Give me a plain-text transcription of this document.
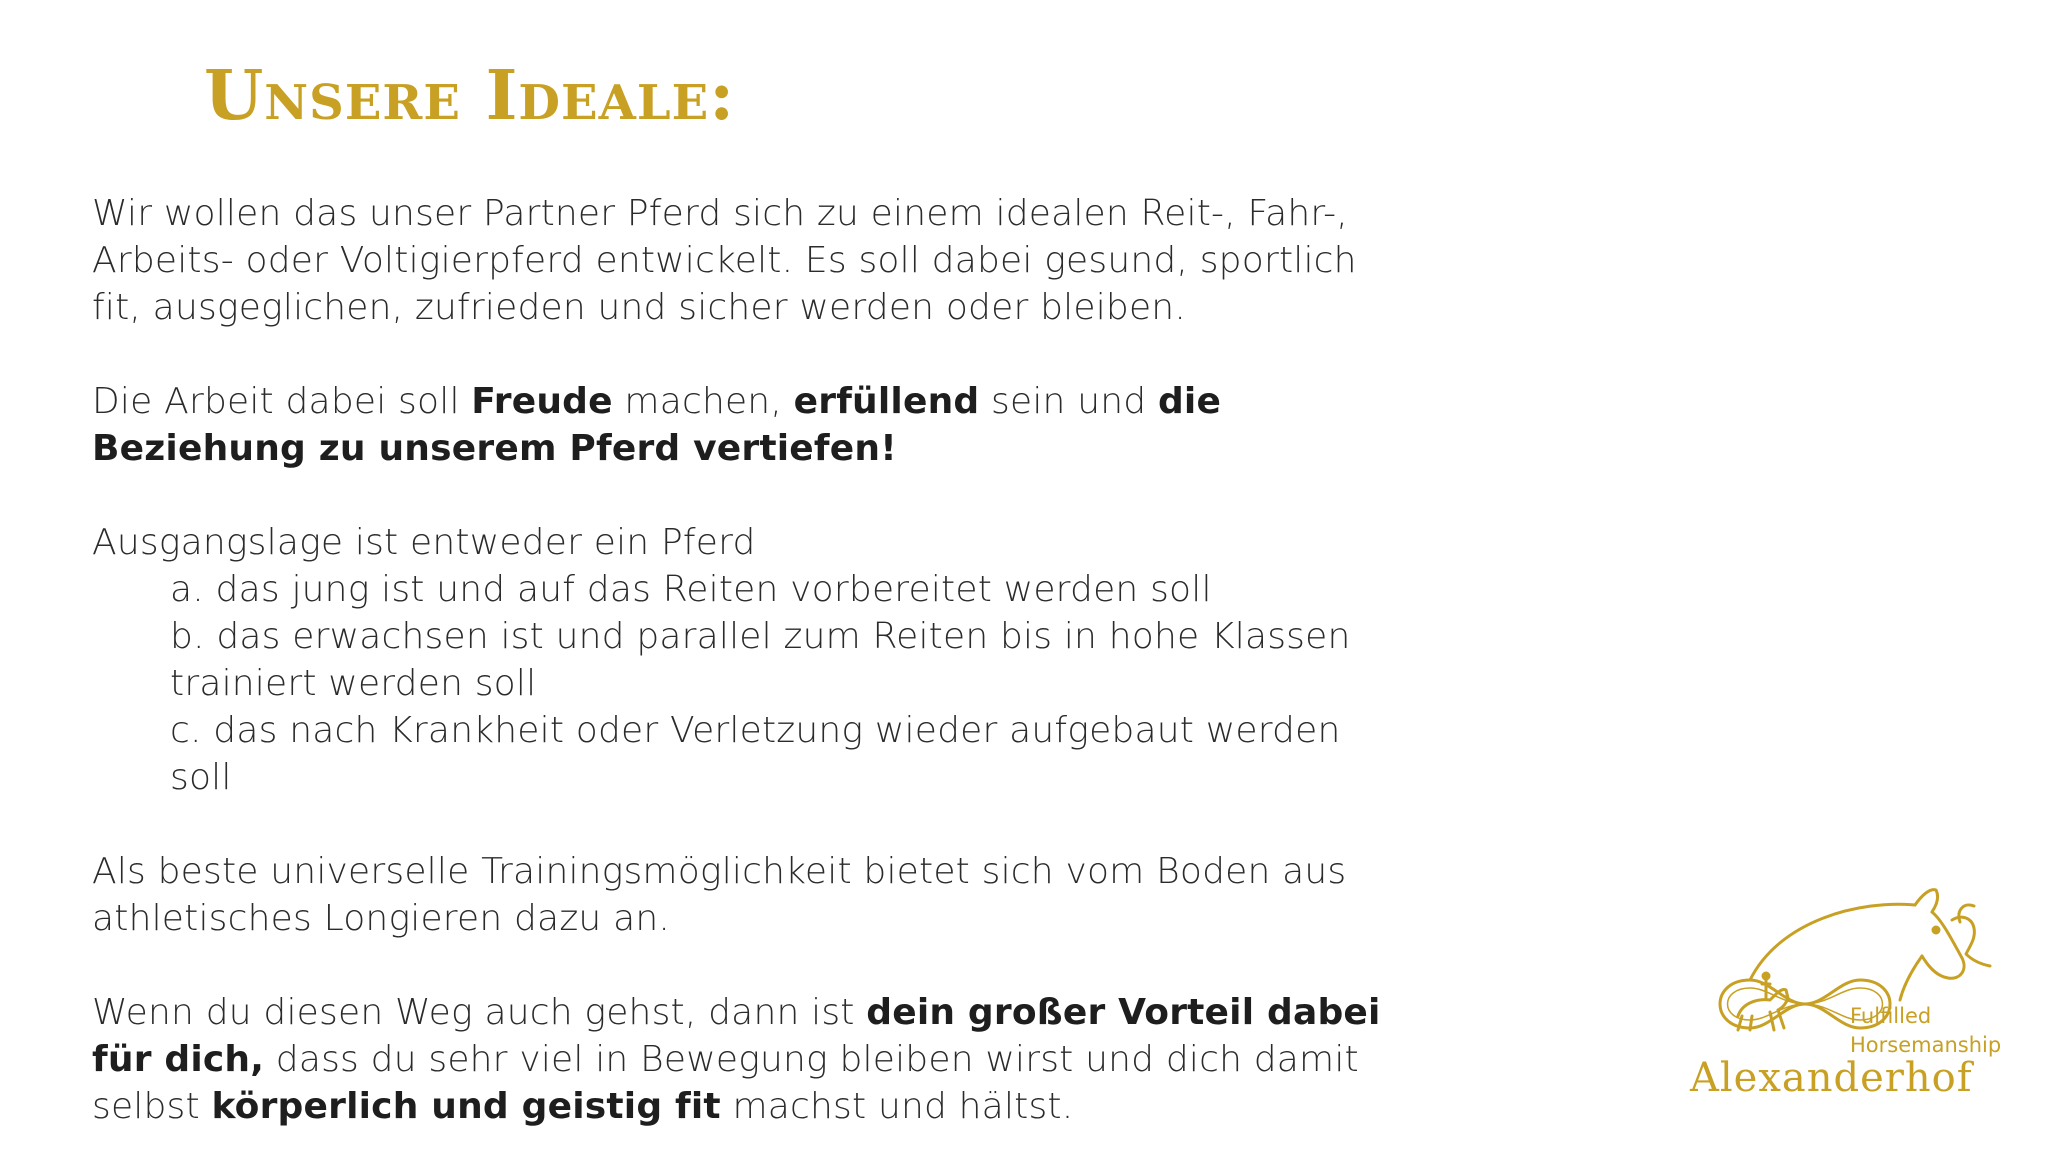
Unsere Ideale:

Wir wollen das unser Partner Pferd sich zu einem idealen Reit-, Fahr-, Arbeits- oder Voltigierpferd entwickelt. Es soll dabei gesund, sportlich fit, ausgeglichen, zufrieden und sicher werden oder bleiben.

Die Arbeit dabei soll Freude machen, erfüllend sein und die Beziehung zu unserem Pferd vertiefen!

Ausgangslage ist entweder ein Pferd

a. das jung ist und auf das Reiten vorbereitet werden soll
b. das erwachsen ist und parallel zum Reiten bis in hohe Klassen trainiert werden soll
c. das nach Krankheit oder Verletzung wieder aufgebaut werden soll

Als beste universelle Trainingsmöglichkeit bietet sich vom Boden aus athletisches Longieren dazu an.

Wenn du diesen Weg auch gehst, dann ist dein großer Vorteil dabei für dich, dass du sehr viel in Bewegung bleiben wirst und dich damit selbst körperlich und geistig fit machst und hältst.

Fulfilled
Horsemanship
Alexanderhof
